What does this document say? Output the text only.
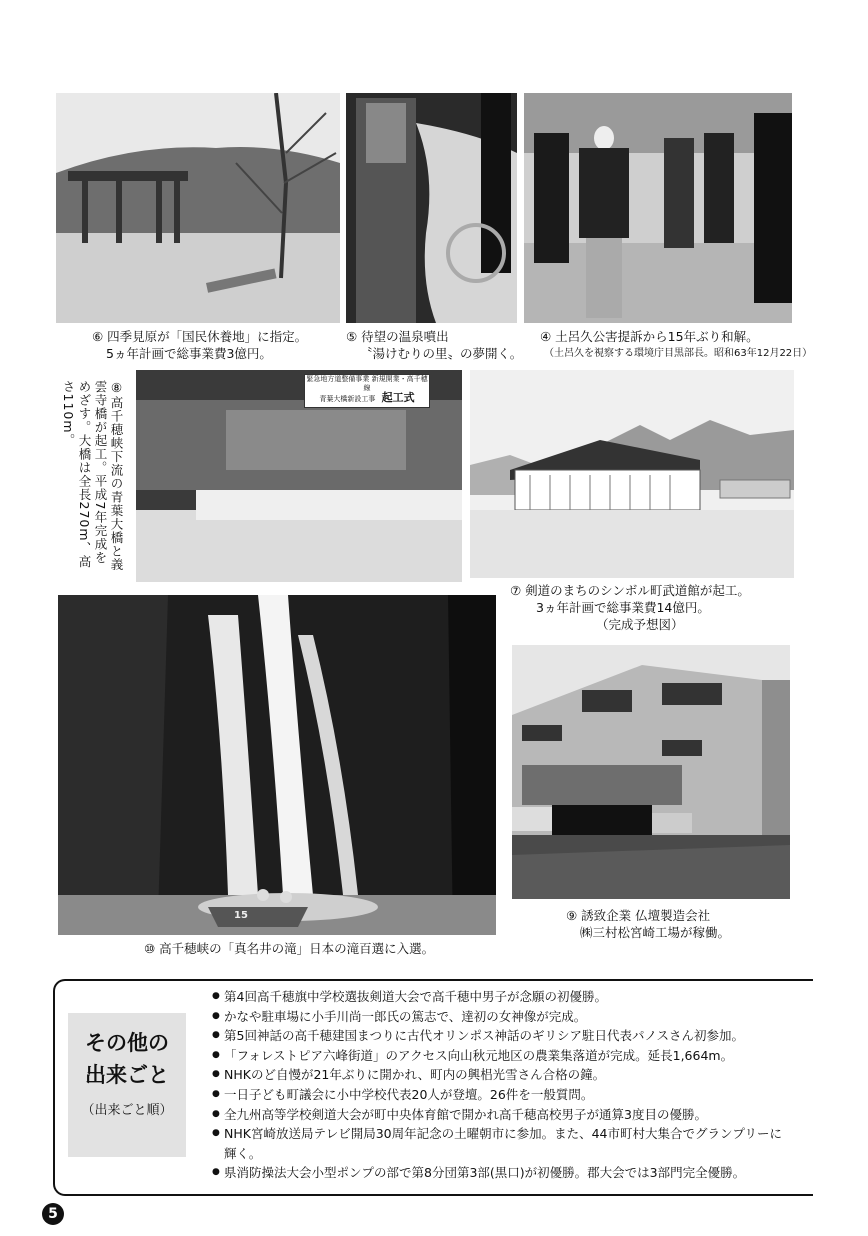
⑥ 四季見原が「国民休養地」に指定。
5ヵ年計画で総事業費3億円。
⑤ 待望の温泉噴出
〝湯けむりの里〟の夢開く。
④ 土呂久公害提訴から15年ぶり和解。
（土呂久を視察する環境庁目黒部長。昭和63年12月22日）
⑧高千穂峡下流の青葉大橋と義雲寺橋が起工。平成7年完成をめざす。大橋は全長270m、高さ110m。
緊急地方道整備事業 新規開業・高千穂線
青葉大橋新設工事 起工式
⑦ 剣道のまちのシンボル町武道館が起工。
3ヵ年計画で総事業費14億円。
（完成予想図）
15
⑩ 高千穂峡の「真名井の滝」日本の滝百選に入選。
⑨ 誘致企業 仏壇製造会社
㈱三村松宮崎工場が稼働。
その他の
出来ごと
（出来ごと順）
● 第4回高千穂旗中学校選抜剣道大会で高千穂中男子が念願の初優勝。
● かなや駐車場に小手川尚一郎氏の篤志で、達初の女神像が完成。
● 第5回神話の高千穂建国まつりに古代オリンポス神話のギリシア駐日代表パノスさん初参加。
● 「フォレストピア六峰街道」のアクセス向山秋元地区の農業集落道が完成。延長1,664m。
● NHKのど自慢が21年ぶりに開かれ、町内の興梠光雪さん合格の鐘。
● 一日子ども町議会に小中学校代表20人が登壇。26件を一般質問。
● 全九州高等学校剣道大会が町中央体育館で開かれ高千穂高校男子が通算3度目の優勝。
● NHK宮崎放送局テレビ開局30周年記念の土曜朝市に参加。また、44市町村大集合でグランプリーに輝く。
● 県消防操法大会小型ポンプの部で第8分団第3部(黒口)が初優勝。郡大会では3部門完全優勝。
5
